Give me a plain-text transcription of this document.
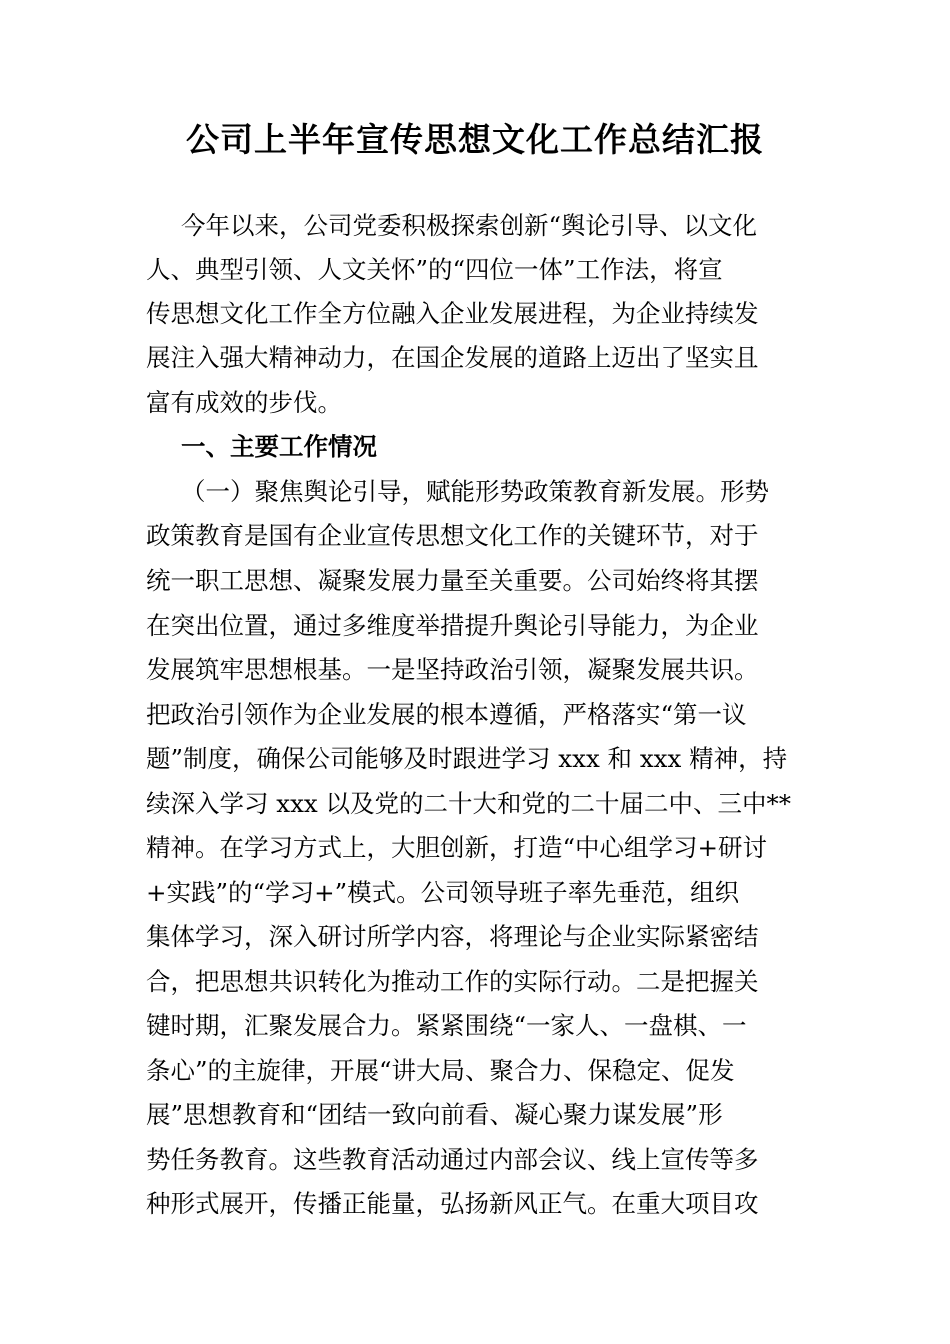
公司上半年宣传思想文化工作总结汇报
今年以来，公司党委积极探索创新“舆论引导、以文化
人、典型引领、人文关怀”的“四位一体”工作法，将宣
传思想文化工作全方位融入企业发展进程，为企业持续发
展注入强大精神动力，在国企发展的道路上迈出了坚实且
富有成效的步伐。
一、主要工作情况
（一）聚焦舆论引导，赋能形势政策教育新发展。形势
政策教育是国有企业宣传思想文化工作的关键环节，对于
统一职工思想、凝聚发展力量至关重要。公司始终将其摆
在突出位置，通过多维度举措提升舆论引导能力，为企业
发展筑牢思想根基。一是坚持政治引领，凝聚发展共识。
把政治引领作为企业发展的根本遵循，严格落实“第一议
题”制度，确保公司能够及时跟进学习 xxx 和 xxx 精神，持
续深入学习 xxx 以及党的二十大和党的二十届二中、三中**
精神。在学习方式上，大胆创新，打造“中心组学习+研讨
+实践”的“学习+”模式。公司领导班子率先垂范，组织
集体学习，深入研讨所学内容，将理论与企业实际紧密结
合，把思想共识转化为推动工作的实际行动。二是把握关
键时期，汇聚发展合力。紧紧围绕“一家人、一盘棋、一
条心”的主旋律，开展“讲大局、聚合力、保稳定、促发
展”思想教育和“团结一致向前看、凝心聚力谋发展”形
势任务教育。这些教育活动通过内部会议、线上宣传等多
种形式展开，传播正能量，弘扬新风正气。在重大项目攻
